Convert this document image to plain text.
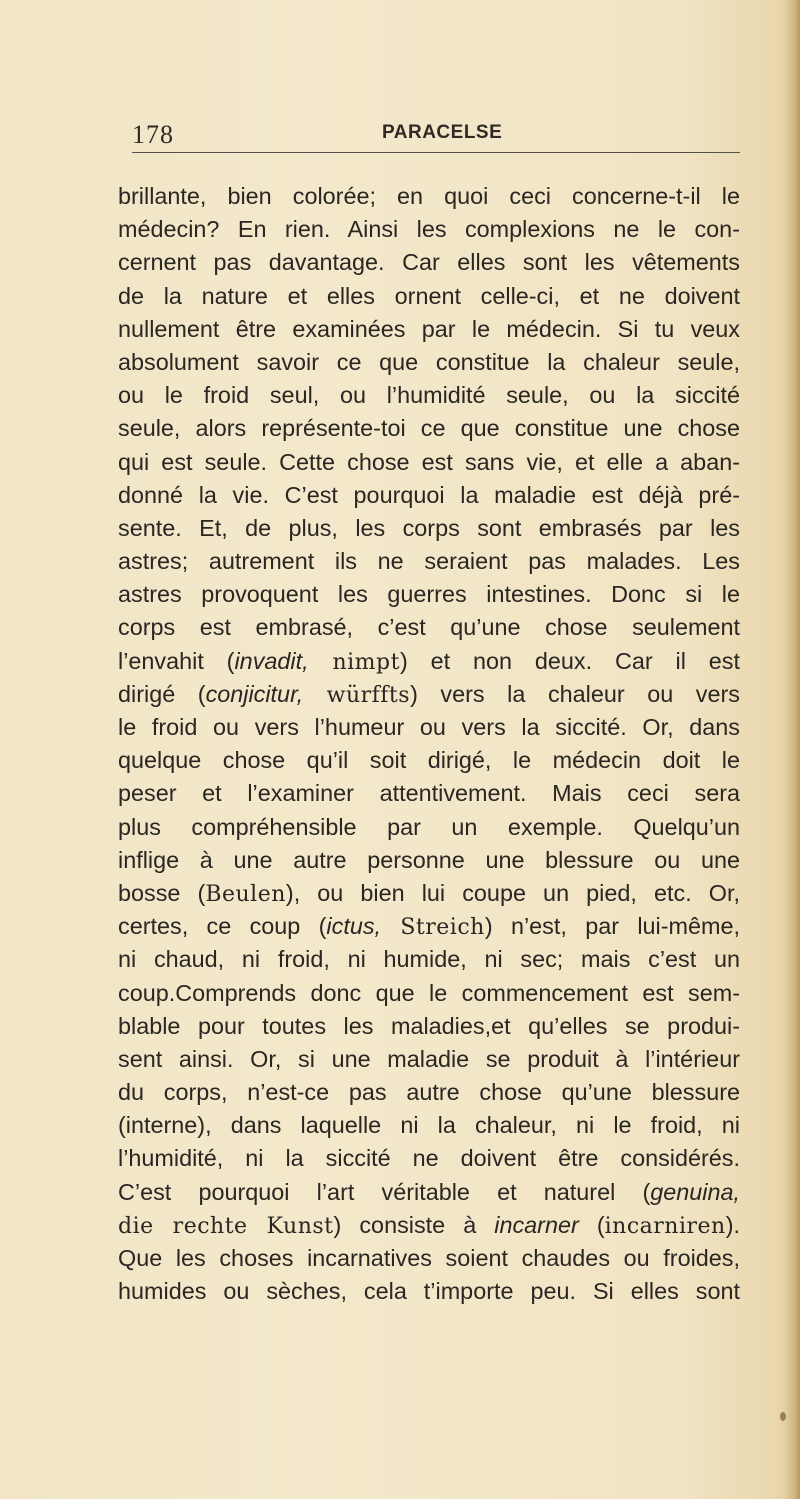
178	PARACELSE
brillante, bien colorée; en quoi ceci concerne-t-il le
médecin? En rien. Ainsi les complexions ne le con-
cernent pas davantage. Car elles sont les vêtements
de la nature et elles ornent celle-ci, et ne doivent
nullement être examinées par le médecin. Si tu veux
absolument savoir ce que constitue la chaleur seule,
ou le froid seul, ou l’humidité seule, ou la siccité
seule, alors représente-toi ce que constitue une chose
qui est seule. Cette chose est sans vie, et elle a aban-
donné la vie. C’est pourquoi la maladie est déjà pré-
sente. Et, de plus, les corps sont embrasés par les
astres; autrement ils ne seraient pas malades. Les
astres provoquent les guerres intestines. Donc si le
corps est embrasé, c’est qu’une chose seulement
l’envahit (invadit, nimpt) et non deux. Car il est
dirigé (conjicitur, würffts) vers la chaleur ou vers
le froid ou vers l’humeur ou vers la siccité. Or, dans
quelque chose qu’il soit dirigé, le médecin doit le
peser et l’examiner attentivement. Mais ceci sera
plus compréhensible par un exemple. Quelqu’un
inflige à une autre personne une blessure ou une
bosse (Beulen), ou bien lui coupe un pied, etc. Or,
certes, ce coup (ictus, Streich) n’est, par lui-même,
ni chaud, ni froid, ni humide, ni sec; mais c’est un
coup.Comprends donc que le commencement est sem-
blable pour toutes les maladies,et qu’elles se produi-
sent ainsi. Or, si une maladie se produit à l’intérieur
du corps, n’est-ce pas autre chose qu’une blessure
(interne), dans laquelle ni la chaleur, ni le froid, ni
l’humidité, ni la siccité ne doivent être considérés.
C’est pourquoi l’art véritable et naturel (genuina,
die rechte Kunst) consiste à incarner (incarniren).
Que les choses incarnatives soient chaudes ou froides,
humides ou sèches, cela t’importe peu. Si elles sont
